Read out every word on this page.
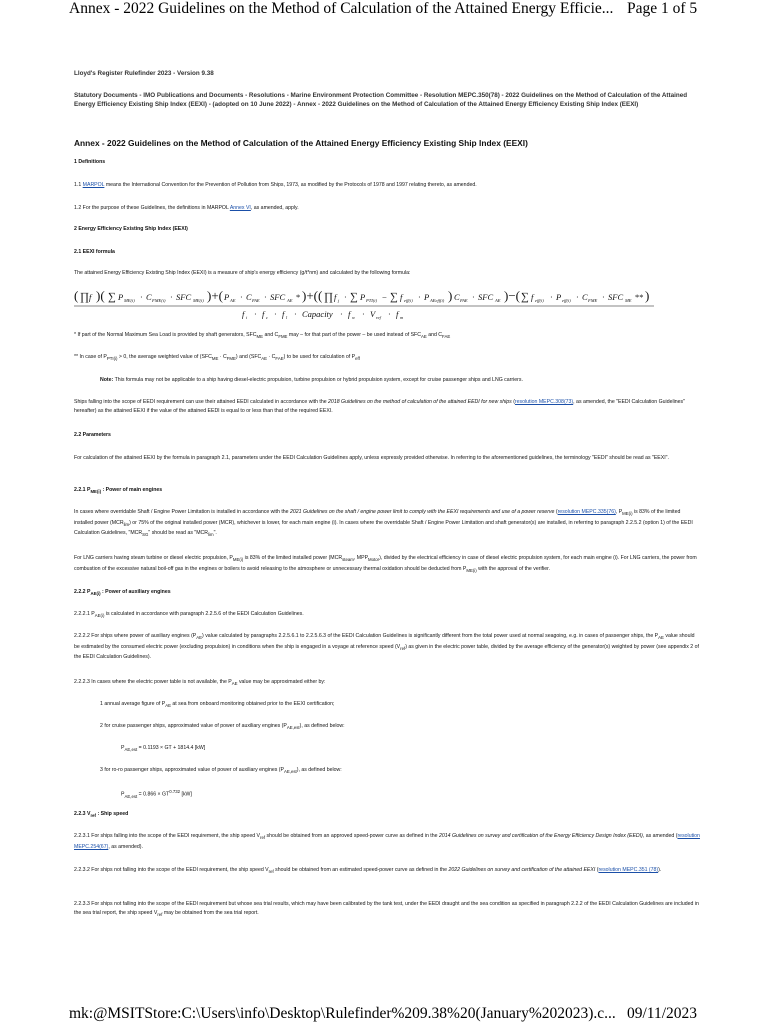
Annex - 2022 Guidelines on the Method of Calculation of the Attained Energy Efficie... Page 1 of 5
Lloyd's Register Rulefinder 2023 - Version 9.38
Statutory Documents - IMO Publications and Documents - Resolutions - Marine Environment Protection Committee - Resolution MEPC.350(78) - 2022 Guidelines on the Method of Calculation of the Attained Energy Efficiency Existing Ship Index (EEXI) - (adopted on 10 June 2022) - Annex - 2022 Guidelines on the Method of Calculation of the Attained Energy Efficiency Existing Ship Index (EEXI)
Annex - 2022 Guidelines on the Method of Calculation of the Attained Energy Efficiency Existing Ship Index (EEXI)
1 Definitions
1.1 MARPOL means the International Convention for the Prevention of Pollution from Ships, 1973, as modified by the Protocols of 1978 and 1997 relating thereto, as amended.
1.2 For the purpose of these Guidelines, the definitions in MARPOL Annex VI, as amended, apply.
2 Energy Efficiency Existing Ship Index (EEXI)
2.1 EEXI formula
The attained Energy Efficiency Existing Ship Index (EEXI) is a measure of ship's energy efficiency (g/t*nm) and calculated by the following formula:
( ∏ f )( ∑ P ME(i) · C FME(i) · SFC ME(i) )+( P AE · C FAE · SFC AE * )+(( ∏ f j · ∑ P PTI(i) − ∑ f eff(i) · P AEeff(i) ) C FAE · SFC AE )−( ∑ f eff(i) · P eff(i) · C FME · SFC ME ** )
f i · f c · f l · Capacity · f w · V ref · f m
* If part of the Normal Maximum Sea Load is provided by shaft generators, $SFC_{ME}$ and $C_{FME}$ may – for that part of the power – be used instead of $SFC_{AE}$ and $C_{FAE}$
** In case of $P_{PTI(i)} > 0$, the average weighted value of $(SFC_{ME} \cdot C_{FME})$ and $(SFC_{AE} \cdot C_{FAE})$ to be used for calculation of $P_{eff}$
Note: This formula may not be applicable to a ship having diesel-electric propulsion, turbine propulsion or hybrid propulsion system, except for cruise passenger ships and LNG carriers.
Ships falling into the scope of EEDI requirement can use their attained EEDI calculated in accordance with the 2018 Guidelines on the method of calculation of the attained EEDI for new ships (resolution MEPC.308(73), as amended, the "EEDI Calculation Guidelines" hereafter) as the attained EEXI if the value of the attained EEDI is equal to or less than that of the required EEXI.
2.2 Parameters
For calculation of the attained EEXI by the formula in paragraph 2.1, parameters under the EEDI Calculation Guidelines apply, unless expressly provided otherwise. In referring to the aforementioned guidelines, the terminology "EEDI" should be read as "EEXI".
2.2.1 $P_{ME(i)}$ : Power of main engines
In cases where overridable Shaft / Engine Power Limitation is installed in accordance with the 2021 Guidelines on the shaft / engine power limit to comply with the EEXI requirements and use of a power reserve (resolution MEPC.335(76), $P_{ME(i)}$ is 83% of the limited installed power $(MCR_{lim})$ or 75% of the original installed power (MCR), whichever is lower, for each main engine (i). In cases where the overridable Shaft / Engine Power Limitation and shaft generator(s) are installed, in referring to paragraph 2.2.5.2 (option 1) of the EEDI Calculation Guidelines, "$MCR_{SG}$" should be read as "$MCR_{lim}$".
For LNG carriers having steam turbine or diesel electric propulsion, $P_{ME(i)}$ is 83% of the limited installed power ($MCR_{steam}$, $MPP_{Motor}$), divided by the electrical efficiency in case of diesel electric propulsion system, for each main engine (i). For LNG carriers, the power from combustion of the excessive natural boil-off gas in the engines or boilers to avoid releasing to the atmosphere or unnecessary thermal oxidation should be deducted from $P_{ME(i)}$ with the approval of the verifier.
2.2.2 $P_{AE(i)}$ : Power of auxiliary engines
2.2.2.1 $P_{AE(i)}$ is calculated in accordance with paragraph 2.2.5.6 of the EEDI Calculation Guidelines.
2.2.2.2 For ships where power of auxiliary engines $(P_{AE})$ value calculated by paragraphs 2.2.5.6.1 to 2.2.5.6.3 of the EEDI Calculation Guidelines is significantly different from the total power used at normal seagoing, e.g. in cases of passenger ships, the $P_{AE}$ value should be estimated by the consumed electric power (excluding propulsion) in conditions when the ship is engaged in a voyage at reference speed $(V_{ref})$ as given in the electric power table, divided by the average efficiency of the generator(s) weighted by power (see appendix 2 of the EEDI Calculation Guidelines).
2.2.2.3 In cases where the electric power table is not available, the $P_{AE}$ value may be approximated either by:
1 annual average figure of $P_{AE}$ at sea from onboard monitoring obtained prior to the EEXI certification;
2 for cruise passenger ships, approximated value of power of auxiliary engines $(P_{AE,est})$, as defined below:
$P_{AE,est} = 0.1193$ × GT + 1814.4 [kW]
3 for ro-ro passenger ships, approximated value of power of auxiliary engines $(P_{AE,est})$, as defined below:
$P_{AE,est} = 0.866 \times GT^{0.732}$ [kW]
2.2.3 $V_{ref}$ : Ship speed
2.2.3.1 For ships falling into the scope of the EEDI requirement, the ship speed $V_{ref}$ should be obtained from an approved speed-power curve as defined in the 2014 Guidelines on survey and certification of the Energy Efficiency Design Index (EEDI), as amended (resolution MEPC.254(67), as amended).
2.2.3.2 For ships not falling into the scope of the EEDI requirement, the ship speed $V_{ref}$ should be obtained from an estimated speed-power curve as defined in the 2022 Guidelines on survey and certification of the attained EEXI (resolution MEPC.351 (78)).
2.2.3.3 For ships not falling into the scope of the EEDI requirement but whose sea trial results, which may have been calibrated by the tank test, under the EEDI draught and the sea condition as specified in paragraph 2.2.2 of the EEDI Calculation Guidelines are included in the sea trial report, the ship speed $V_{ref}$ may be obtained from the sea trial report.
mk:@MSITStore:C:\Users\info\Desktop\Rulefinder%209.38%20(January%202023).c... 09/11/2023
